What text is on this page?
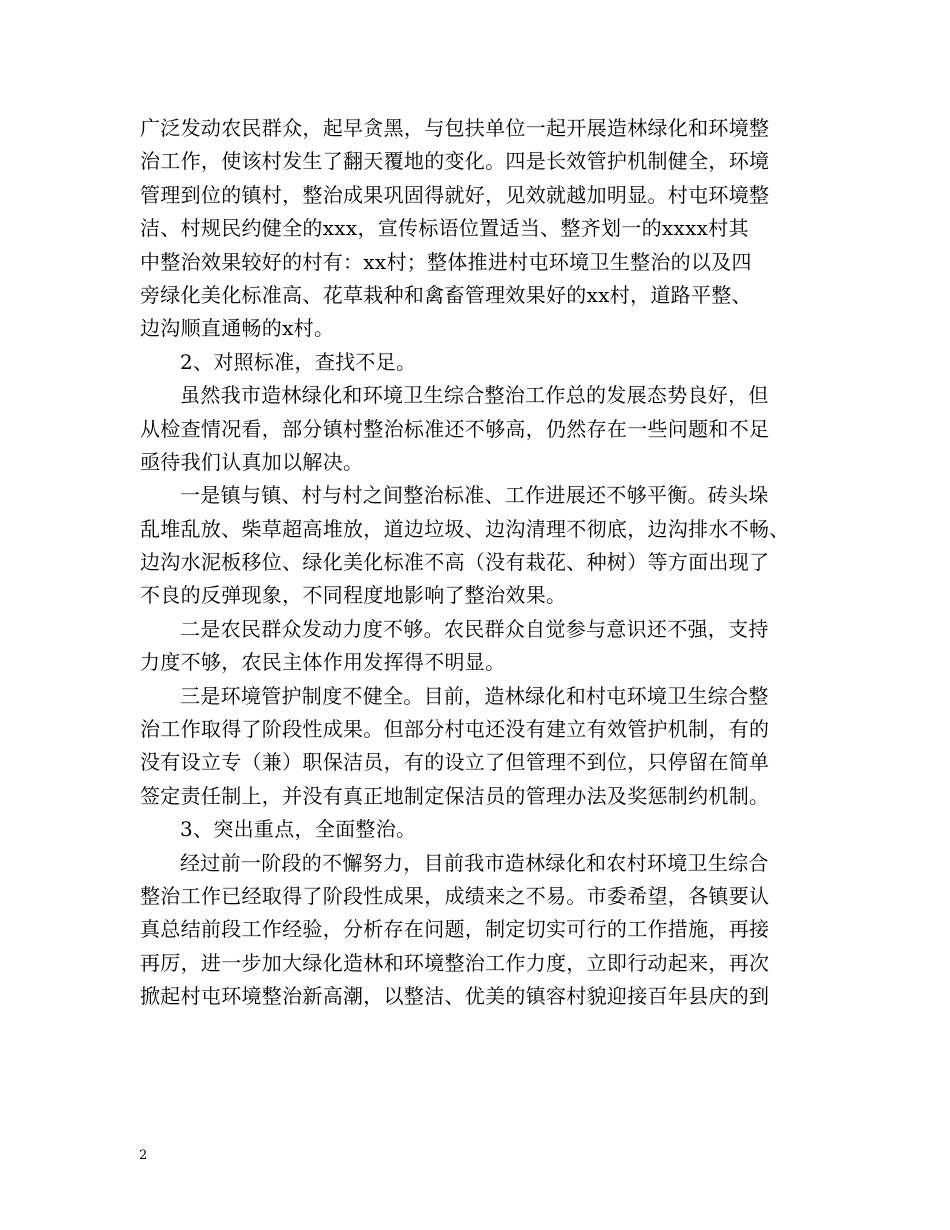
广泛发动农民群众，起早贪黑，与包扶单位一起开展造林绿化和环境整
治工作，使该村发生了翻天覆地的变化。四是长效管护机制健全，环境
管理到位的镇村，整治成果巩固得就好，见效就越加明显。村屯环境整
洁、村规民约健全的xxx，宣传标语位置适当、整齐划一的xxxx村其
中整治效果较好的村有：xx村；整体推进村屯环境卫生整治的以及四
旁绿化美化标准高、花草栽种和禽畜管理效果好的xx村，道路平整、
边沟顺直通畅的x村。
2、对照标准，查找不足。
虽然我市造林绿化和环境卫生综合整治工作总的发展态势良好，但
从检查情况看，部分镇村整治标准还不够高，仍然存在一些问题和不足
亟待我们认真加以解决。
一是镇与镇、村与村之间整治标准、工作进展还不够平衡。砖头垛
乱堆乱放、柴草超高堆放，道边垃圾、边沟清理不彻底，边沟排水不畅、
边沟水泥板移位、绿化美化标准不高（没有栽花、种树）等方面出现了
不良的反弹现象，不同程度地影响了整治效果。
二是农民群众发动力度不够。农民群众自觉参与意识还不强，支持
力度不够，农民主体作用发挥得不明显。
三是环境管护制度不健全。目前，造林绿化和村屯环境卫生综合整
治工作取得了阶段性成果。但部分村屯还没有建立有效管护机制，有的
没有设立专（兼）职保洁员，有的设立了但管理不到位，只停留在简单
签定责任制上，并没有真正地制定保洁员的管理办法及奖惩制约机制。
3、突出重点，全面整治。
经过前一阶段的不懈努力，目前我市造林绿化和农村环境卫生综合
整治工作已经取得了阶段性成果，成绩来之不易。市委希望，各镇要认
真总结前段工作经验，分析存在问题，制定切实可行的工作措施，再接
再厉，进一步加大绿化造林和环境整治工作力度，立即行动起来，再次
掀起村屯环境整治新高潮，以整洁、优美的镇容村貌迎接百年县庆的到
2
